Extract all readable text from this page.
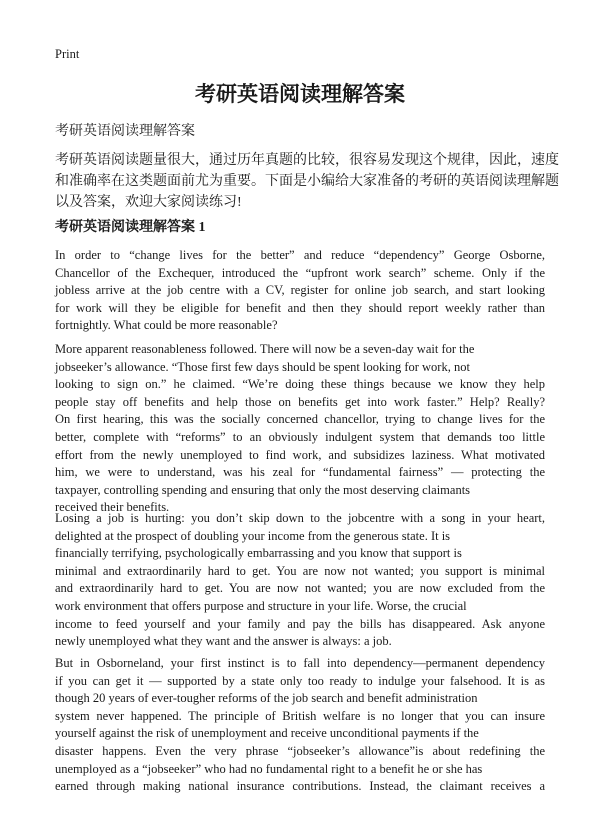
Print
考研英语阅读理解答案
考研英语阅读理解答案
考研英语阅读题量很大，通过历年真题的比较，很容易发现这个规律，因此，速度
和准确率在这类题面前尤为重要。下面是小编给大家准备的考研的英语阅读理解题
以及答案，欢迎大家阅读练习!
考研英语阅读理解答案 1
In order to “change lives for the better” and reduce “dependency” George Osborne,
Chancellor of the Exchequer, introduced the “upfront work search” scheme. Only if the
jobless arrive at the job centre with a CV, register for online job search, and start looking
for work will they be eligible for benefit and then they should report weekly rather than
fortnightly. What could be more reasonable?
More apparent reasonableness followed. There will now be a seven-day wait for the
jobseeker’s allowance. “Those first few days should be spent looking for work, not
looking to sign on.” he claimed. “We’re doing these things because we know they help
people stay off benefits and help those on benefits get into work faster.” Help? Really?
On first hearing, this was the socially concerned chancellor, trying to change lives for the
better, complete with “reforms” to an obviously indulgent system that demands too little
effort from the newly unemployed to find work, and subsidizes laziness. What motivated
him, we were to understand, was his zeal for “fundamental fairness” — protecting the
taxpayer, controlling spending and ensuring that only the most deserving claimants
received their benefits.
Losing a job is hurting: you don’t skip down to the jobcentre with a song in your heart,
delighted at the prospect of doubling your income from the generous state. It is
financially terrifying, psychologically embarrassing and you know that support is
minimal and extraordinarily hard to get. You are now not wanted; you support is minimal
and extraordinarily hard to get. You are now not wanted; you are now excluded from the
work environment that offers purpose and structure in your life. Worse, the crucial
income to feed yourself and your family and pay the bills has disappeared. Ask anyone
newly unemployed what they want and the answer is always: a job.
But in Osborneland, your first instinct is to fall into dependency—permanent dependency
if you can get it — supported by a state only too ready to indulge your falsehood. It is as
though 20 years of ever-tougher reforms of the job search and benefit administration
system never happened. The principle of British welfare is no longer that you can insure
yourself against the risk of unemployment and receive unconditional payments if the
disaster happens. Even the very phrase “jobseeker’s allowance”is about redefining the
unemployed as a “jobseeker” who had no fundamental right to a benefit he or she has
earned through making national insurance contributions. Instead, the claimant receives a
